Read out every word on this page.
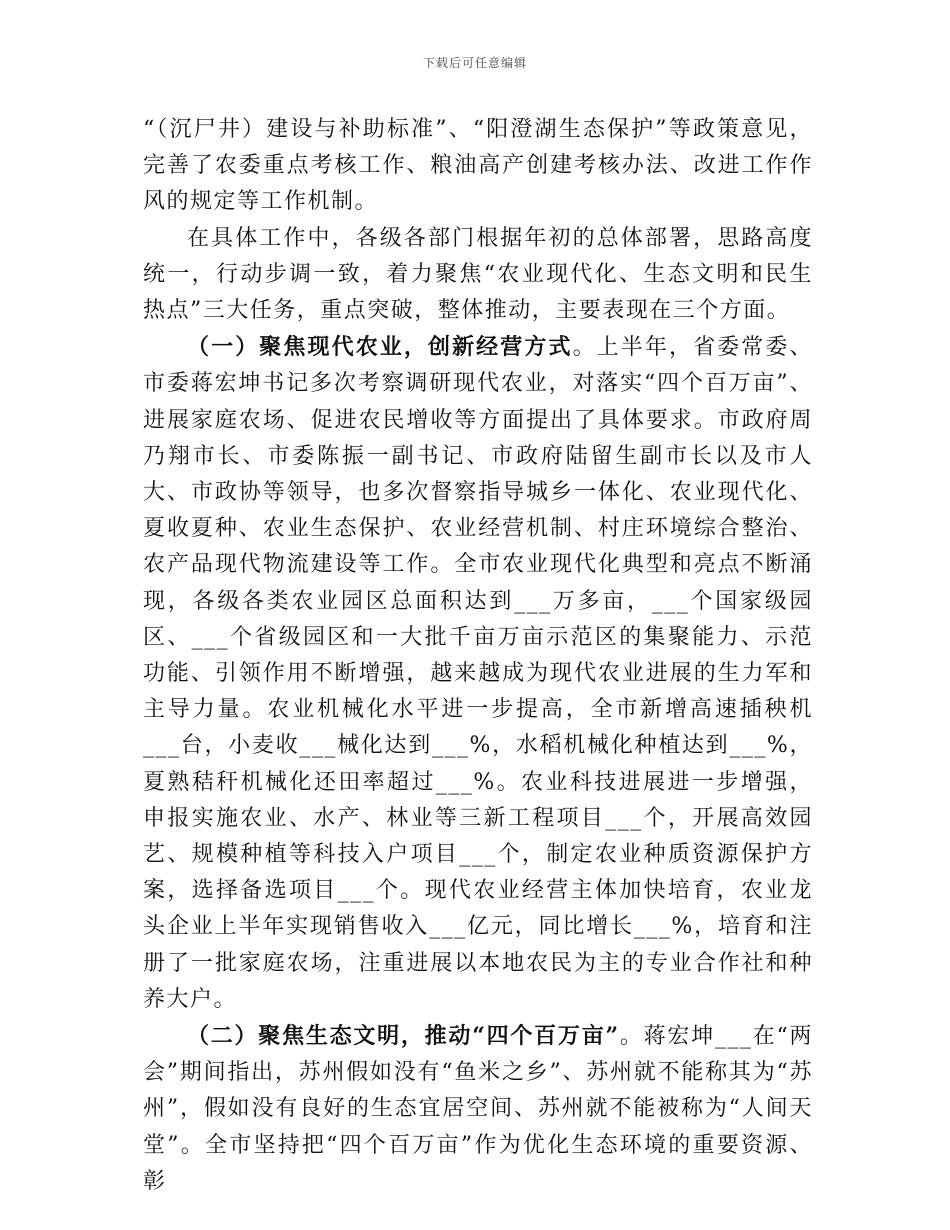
下载后可任意编辑

“（沉尸井）建设与补助标准”、“阳澄湖生态保护”等政策意见，完善了农委重点考核工作、粮油高产创建考核办法、改进工作作风的规定等工作机制。

在具体工作中，各级各部门根据年初的总体部署，思路高度统一，行动步调一致，着力聚焦“农业现代化、生态文明和民生热点”三大任务，重点突破，整体推动，主要表现在三个方面。

（一）聚焦现代农业，创新经营方式。上半年，省委常委、市委蒋宏坤书记多次考察调研现代农业，对落实“四个百万亩”、进展家庭农场、促进农民增收等方面提出了具体要求。市政府周乃翔市长、市委陈振一副书记、市政府陆留生副市长以及市人大、市政协等领导，也多次督察指导城乡一体化、农业现代化、夏收夏种、农业生态保护、农业经营机制、村庄环境综合整治、农产品现代物流建设等工作。全市农业现代化典型和亮点不断涌现，各级各类农业园区总面积达到___万多亩，___个国家级园区、___个省级园区和一大批千亩万亩示范区的集聚能力、示范功能、引领作用不断增强，越来越成为现代农业进展的生力军和主导力量。农业机械化水平进一步提高，全市新增高速插秧机___台，小麦收___械化达到___%，水稻机械化种植达到___%，夏熟秸秆机械化还田率超过___%。农业科技进展进一步增强，申报实施农业、水产、林业等三新工程项目___个，开展高效园艺、规模种植等科技入户项目___个，制定农业种质资源保护方案，选择备选项目___个。现代农业经营主体加快培育，农业龙头企业上半年实现销售收入___亿元，同比增长___%，培育和注册了一批家庭农场，注重进展以本地农民为主的专业合作社和种养大户。

（二）聚焦生态文明，推动“四个百万亩”。蒋宏坤___在“两会”期间指出，苏州假如没有“鱼米之乡”、苏州就不能称其为“苏州”，假如没有良好的生态宜居空间、苏州就不能被称为“人间天堂”。全市坚持把“四个百万亩”作为优化生态环境的重要资源、彰
